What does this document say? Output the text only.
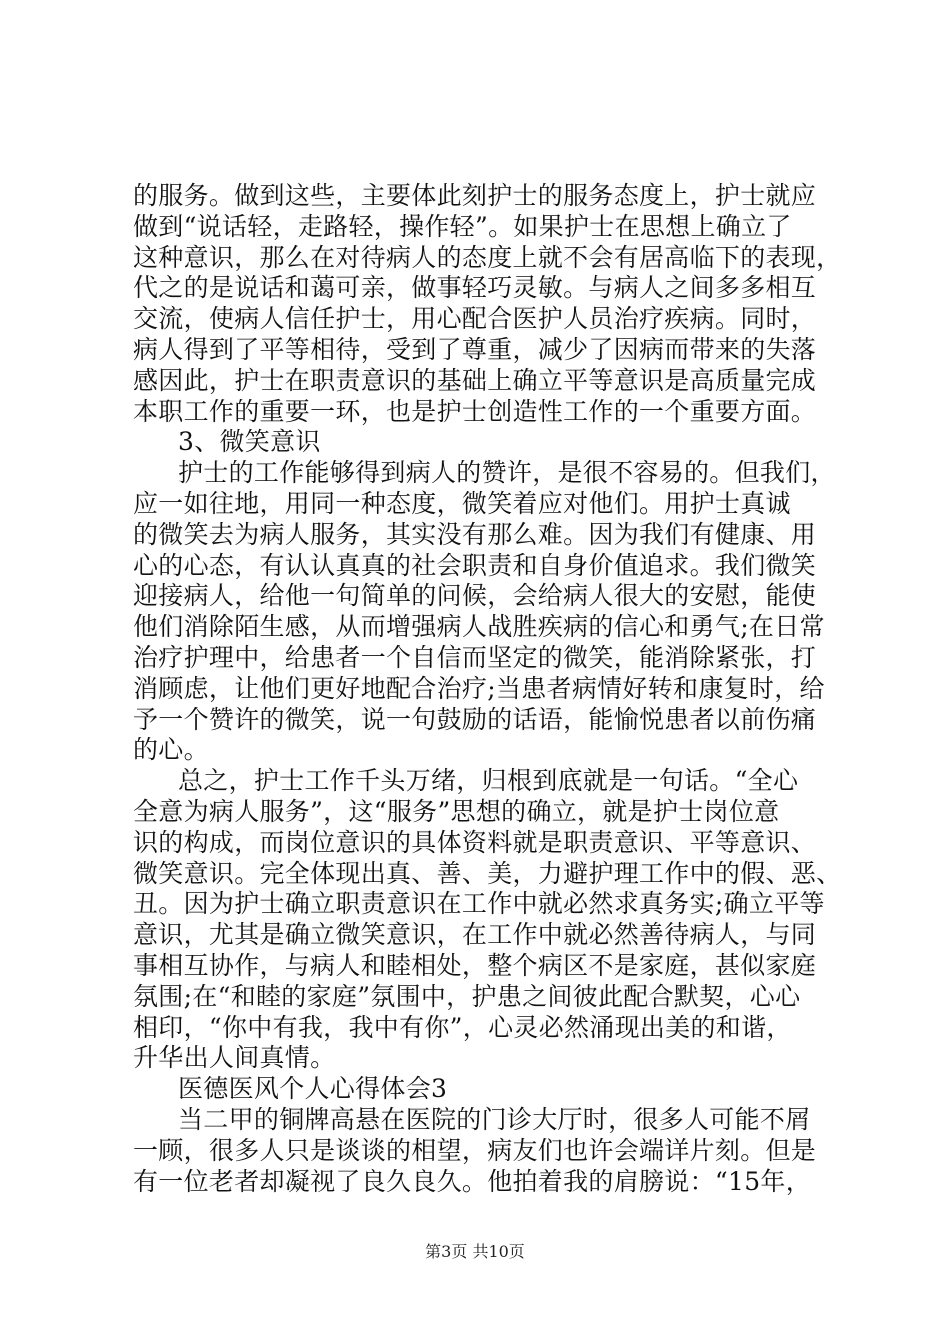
的服务。做到这些，主要体此刻护士的服务态度上，护士就应
做到“说话轻，走路轻，操作轻”。如果护士在思想上确立了
这种意识，那么在对待病人的态度上就不会有居高临下的表现，
代之的是说话和蔼可亲，做事轻巧灵敏。与病人之间多多相互
交流，使病人信任护士，用心配合医护人员治疗疾病。同时，
病人得到了平等相待，受到了尊重，减少了因病而带来的失落
感因此，护士在职责意识的基础上确立平等意识是高质量完成
本职工作的重要一环，也是护士创造性工作的一个重要方面。
3、微笑意识
护士的工作能够得到病人的赞许，是很不容易的。但我们，
应一如往地，用同一种态度，微笑着应对他们。用护士真诚
的微笑去为病人服务，其实没有那么难。因为我们有健康、用
心的心态，有认认真真的社会职责和自身价值追求。我们微笑
迎接病人，给他一句简单的问候，会给病人很大的安慰，能使
他们消除陌生感，从而增强病人战胜疾病的信心和勇气;在日常
治疗护理中，给患者一个自信而坚定的微笑，能消除紧张，打
消顾虑，让他们更好地配合治疗;当患者病情好转和康复时，给
予一个赞许的微笑，说一句鼓励的话语，能愉悦患者以前伤痛
的心。
总之，护士工作千头万绪，归根到底就是一句话。“全心
全意为病人服务”，这“服务”思想的确立，就是护士岗位意
识的构成，而岗位意识的具体资料就是职责意识、平等意识、
微笑意识。完全体现出真、善、美，力避护理工作中的假、恶、
丑。因为护士确立职责意识在工作中就必然求真务实;确立平等
意识，尤其是确立微笑意识，在工作中就必然善待病人，与同
事相互协作，与病人和睦相处，整个病区不是家庭，甚似家庭
氛围;在“和睦的家庭”氛围中，护患之间彼此配合默契，心心
相印，“你中有我，我中有你”，心灵必然涌现出美的和谐，
升华出人间真情。
医德医风个人心得体会3
当二甲的铜牌高悬在医院的门诊大厅时，很多人可能不屑
一顾，很多人只是谈谈的相望，病友们也许会端详片刻。但是
有一位老者却凝视了良久良久。他拍着我的肩膀说：“15年，
第3页 共10页
